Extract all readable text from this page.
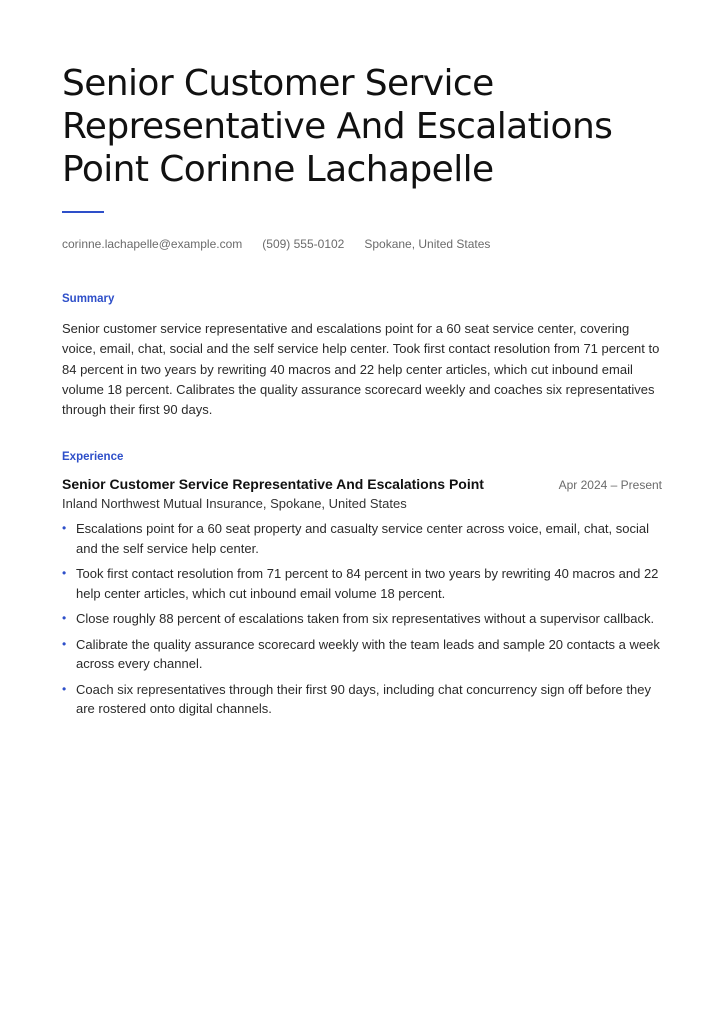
Senior Customer Service Representative And Escalations Point Corinne Lachapelle
corinne.lachapelle@example.com (509) 555-0102 Spokane, United States
Summary

Senior customer service representative and escalations point for a 60 seat service center, covering voice, email, chat, social and the self service help center. Took first contact resolution from 71 percent to 84 percent in two years by rewriting 40 macros and 22 help center articles, which cut inbound email volume 18 percent. Calibrates the quality assurance scorecard weekly and coaches six representatives through their first 90 days.

Experience
Senior Customer Service Representative And Escalations Point	Apr 2024 – Present
Inland Northwest Mutual Insurance, Spokane, United States
• Escalations point for a 60 seat property and casualty service center across voice, email, chat, social and the self service help center.
• Took first contact resolution from 71 percent to 84 percent in two years by rewriting 40 macros and 22 help center articles, which cut inbound email volume 18 percent.
• Close roughly 88 percent of escalations taken from six representatives without a supervisor callback.
• Calibrate the quality assurance scorecard weekly with the team leads and sample 20 contacts a week across every channel.
• Coach six representatives through their first 90 days, including chat concurrency sign off before they are rostered onto digital channels.
